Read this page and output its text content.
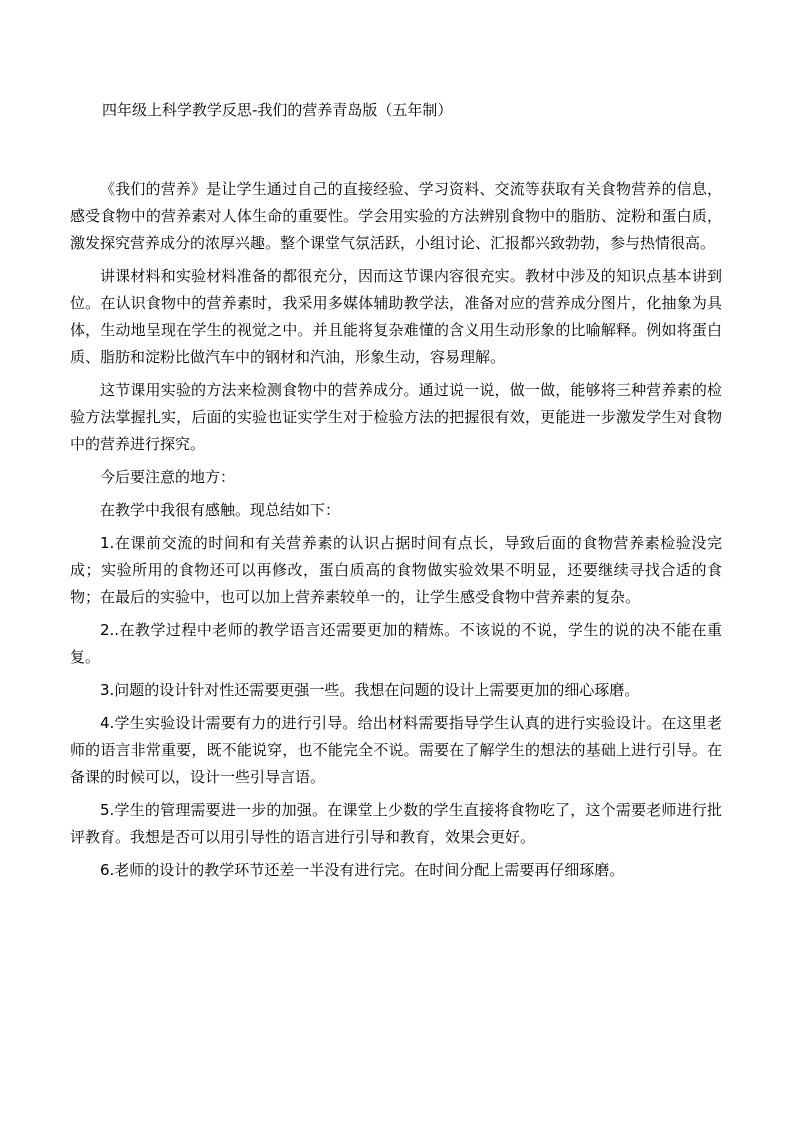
四年级上科学教学反思-我们的营养青岛版（五年制）

《我们的营养》是让学生通过自己的直接经验、学习资料、交流等获取有关食物营养的信息，感受食物中的营养素对人体生命的重要性。学会用实验的方法辨别食物中的脂肪、淀粉和蛋白质，激发探究营养成分的浓厚兴趣。整个课堂气氛活跃，小组讨论、汇报都兴致勃勃，参与热情很高。

讲课材料和实验材料准备的都很充分，因而这节课内容很充实。教材中涉及的知识点基本讲到位。在认识食物中的营养素时，我采用多媒体辅助教学法，准备对应的营养成分图片，化抽象为具体，生动地呈现在学生的视觉之中。并且能将复杂难懂的含义用生动形象的比喻解释。例如将蛋白质、脂肪和淀粉比做汽车中的钢材和汽油，形象生动，容易理解。

这节课用实验的方法来检测食物中的营养成分。通过说一说，做一做，能够将三种营养素的检验方法掌握扎实，后面的实验也证实学生对于检验方法的把握很有效，更能进一步激发学生对食物中的营养进行探究。

今后要注意的地方：

在教学中我很有感触。现总结如下：

1.在课前交流的时间和有关营养素的认识占据时间有点长，导致后面的食物营养素检验没完成；实验所用的食物还可以再修改，蛋白质高的食物做实验效果不明显，还要继续寻找合适的食物；在最后的实验中，也可以加上营养素较单一的，让学生感受食物中营养素的复杂。

2..在教学过程中老师的教学语言还需要更加的精炼。不该说的不说，学生的说的决不能在重复。

3.问题的设计针对性还需要更强一些。我想在问题的设计上需要更加的细心琢磨。

4.学生实验设计需要有力的进行引导。给出材料需要指导学生认真的进行实验设计。在这里老师的语言非常重要，既不能说穿，也不能完全不说。需要在了解学生的想法的基础上进行引导。在备课的时候可以，设计一些引导言语。

5.学生的管理需要进一步的加强。在课堂上少数的学生直接将食物吃了，这个需要老师进行批评教育。我想是否可以用引导性的语言进行引导和教育，效果会更好。

6.老师的设计的教学环节还差一半没有进行完。在时间分配上需要再仔细琢磨。
